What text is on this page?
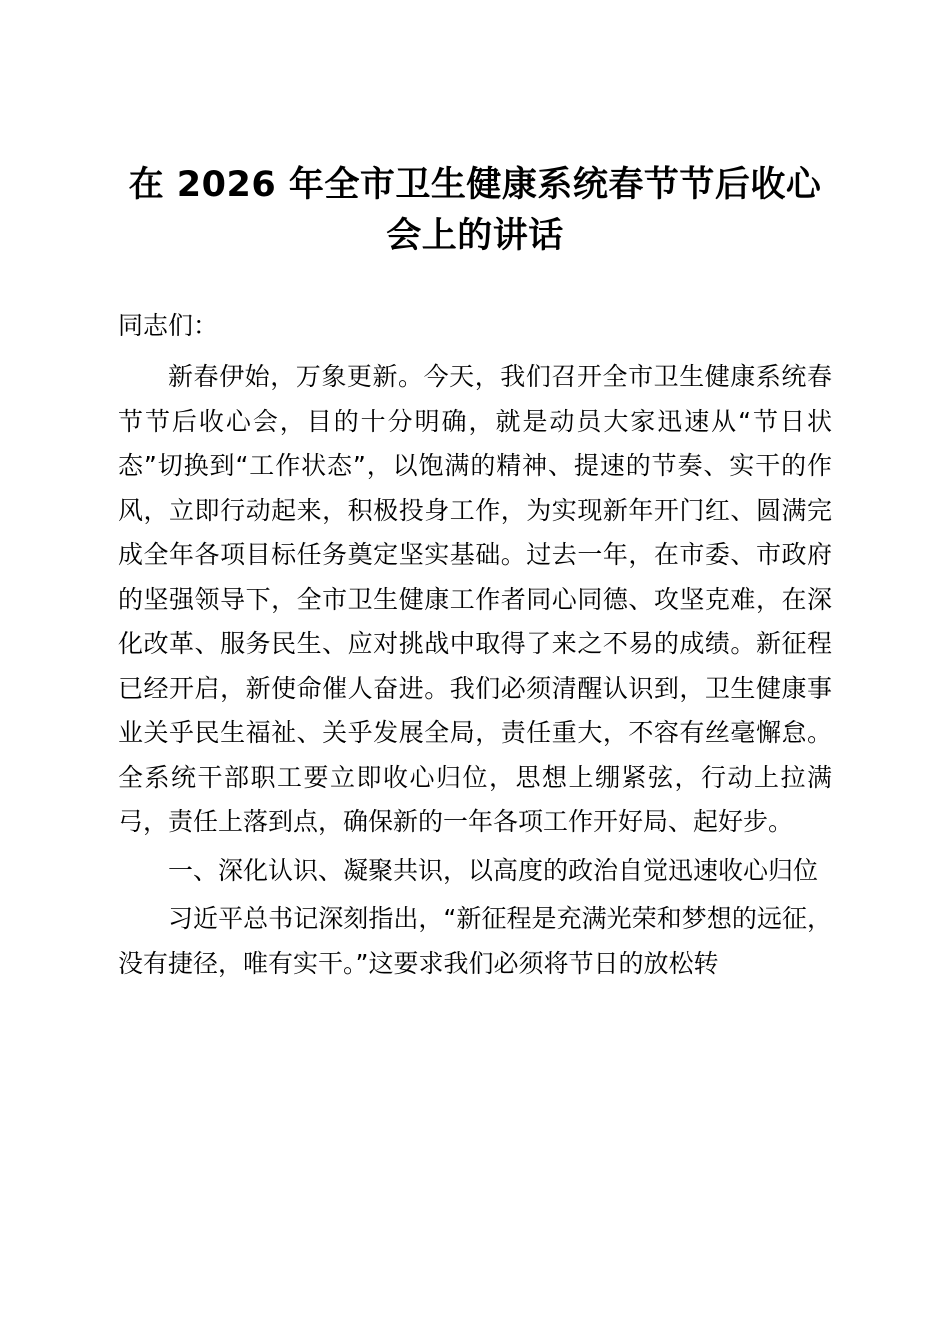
在 2026 年全市卫生健康系统春节节后收心会上的讲话
同志们：

新春伊始，万象更新。今天，我们召开全市卫生健康系统春节节后收心会，目的十分明确，就是动员大家迅速从“节日状态”切换到“工作状态”，以饱满的精神、提速的节奏、实干的作风，立即行动起来，积极投身工作，为实现新年开门红、圆满完成全年各项目标任务奠定坚实基础。过去一年，在市委、市政府的坚强领导下，全市卫生健康工作者同心同德、攻坚克难，在深化改革、服务民生、应对挑战中取得了来之不易的成绩。新征程已经开启，新使命催人奋进。我们必须清醒认识到，卫生健康事业关乎民生福祉、关乎发展全局，责任重大，不容有丝毫懈怠。全系统干部职工要立即收心归位，思想上绷紧弦，行动上拉满弓，责任上落到点，确保新的一年各项工作开好局、起好步。

一、深化认识、凝聚共识，以高度的政治自觉迅速收心归位

习近平总书记深刻指出，“新征程是充满光荣和梦想的远征，没有捷径，唯有实干。”这要求我们必须将节日的放松转
